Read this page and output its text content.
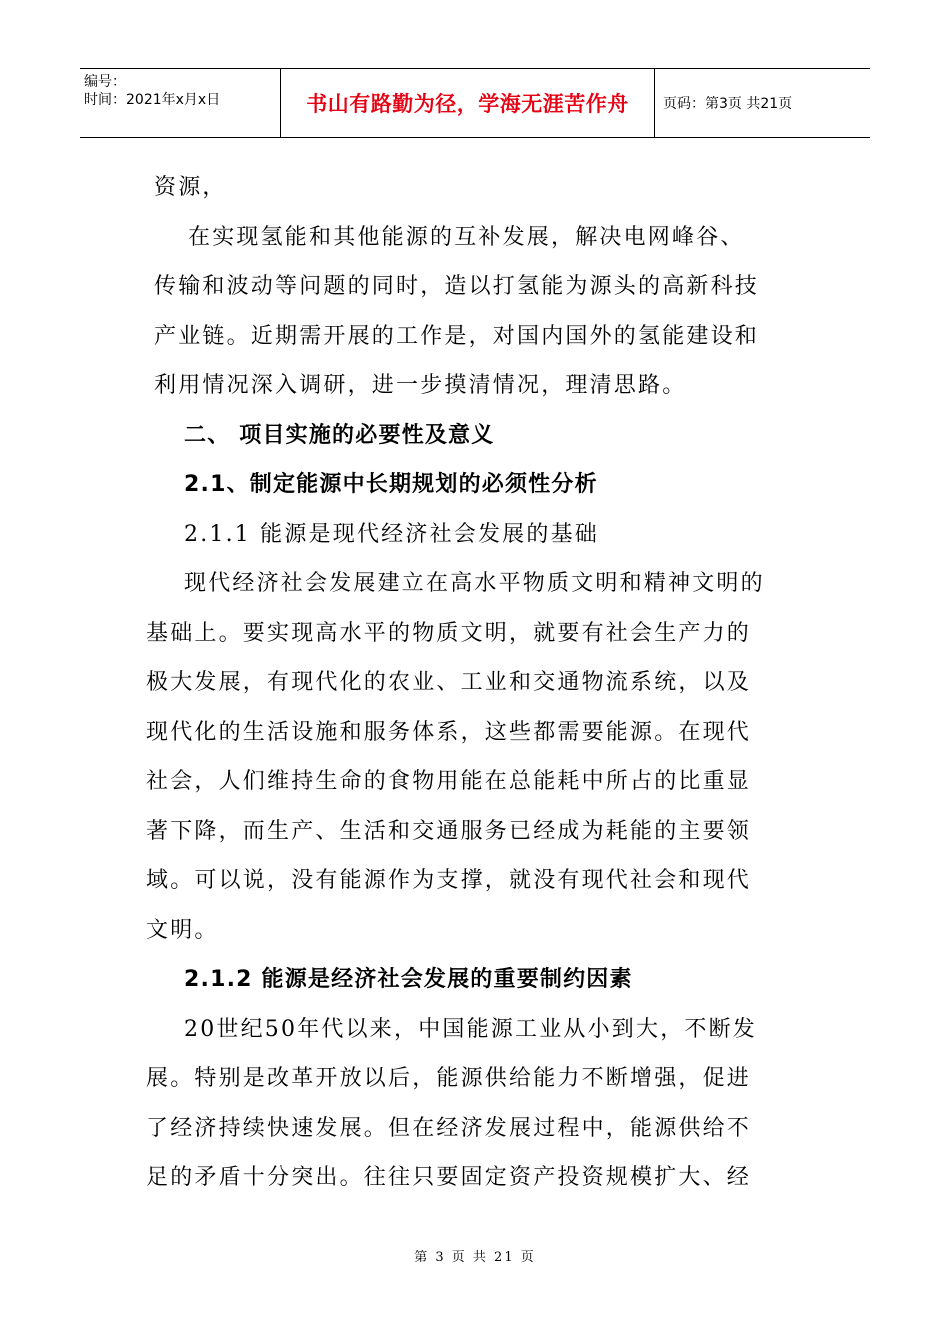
编号：
时间：2021年x月x日	书山有路勤为径，学海无涯苦作舟 页码：第3页 共21页
资源，
在实现氢能和其他能源的互补发展，解决电网峰谷、
传输和波动等问题的同时，造以打氢能为源头的高新科技
产业链。近期需开展的工作是，对国内国外的氢能建设和
利用情况深入调研，进一步摸清情况，理清思路。
二、 项目实施的必要性及意义
2.1、制定能源中长期规划的必须性分析
2.1.1 能源是现代经济社会发展的基础
现代经济社会发展建立在高水平物质文明和精神文明的
基础上。要实现高水平的物质文明，就要有社会生产力的
极大发展，有现代化的农业、工业和交通物流系统，以及
现代化的生活设施和服务体系，这些都需要能源。在现代
社会，人们维持生命的食物用能在总能耗中所占的比重显
著下降，而生产、生活和交通服务已经成为耗能的主要领
域。可以说，没有能源作为支撑，就没有现代社会和现代
文明。
2.1.2 能源是经济社会发展的重要制约因素
20世纪50年代以来，中国能源工业从小到大，不断发
展。特别是改革开放以后，能源供给能力不断增强，促进
了经济持续快速发展。但在经济发展过程中，能源供给不
足的矛盾十分突出。往往只要固定资产投资规模扩大、经
第 3 页 共 21 页
